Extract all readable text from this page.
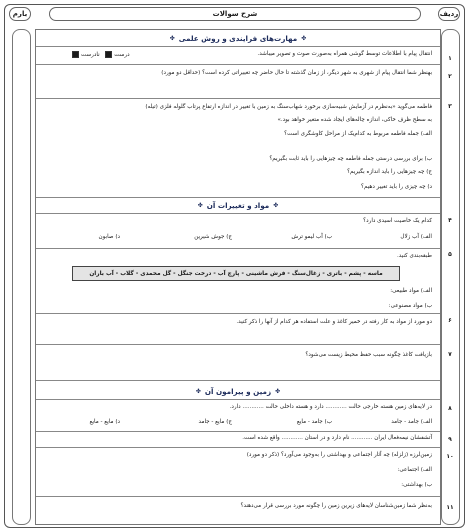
ردیف
شرح سوالات
بارم
۱
۲
۳
۴
۵
۶
۷
۸
۹
۱۰
۱۱
✤ مهارت‌های فرایندی و روش علمی ✤
انتقال پیام با اطلاعات توسط گوشی همراه به‌صورت صوت و تصویر میباشد.
درست  نادرست
بهنظر شما انتقال پیام از شهری به شهر دیگر، از زمان گذشته تا حال حاضر چه تغییراتی کرده است؟ (حداقل دو مورد)
فاطمه می‌گوید «به‌نظرم در آزمایش شبیه‌سازی برخورد شهاب‌سنگ به زمین با تغییر در اندازه ارتفاع پرتاب گلوله فلزی (تیله)
به سطح ظرف خاکی، اندازه چاله‌های ایجاد شده متغیر خواهد بود.»
الف) جمله فاطمه مربوط به کدام‌یک از مراحل کاوشگری است؟
ب) برای بررسی درستی جمله فاطمه چه چیزهایی را باید ثابت بگیریم؟
ج) چه چیزهایی را باید اندازه بگیریم؟
د) چه چیزی را باید تغییر دهیم؟
✤ مواد و تغییرات آن ✤
کدام یک خاصیت اسیدی دارد؟
الف) آب زلال
ب) آب لیمو ترش
ج) جوش شیرین
د) صابون
طبقه‌بندی کنید.
ماسه - پشم - باتری - زغال‌سنگ - فرش ماشینی - پارچ آب - درخت جنگل - گل محمدی - گلاب - آب باران
الف) مواد طبیعی:
ب) مواد مصنوعی:
دو مورد از مواد به کار رفته در خمیر کاغذ و علت استفاده هر کدام از آنها را ذکر کنید.
بازیافت کاغذ چگونه سبب حفظ محیط زیست می‌شود؟
✤ زمین و پیرامون آن ✤
در لایه‌های زمین هسته خارجی حالت ............ دارد و هسته داخلی حالت ............ دارد.
الف) جامد - جامد
ب) جامد - مایع
ج) مایع - جامد
د) مایع - مایع
آتشفشان نیمه‌فعال ایران ............ نام دارد و در استان ............ واقع شده است.
زمین‌لرزه (زلزله) چه آثار اجتماعی و بهداشتی را به‌وجود می‌آورد؟ (ذکر دو مورد)
الف) اجتماعی:
ب) بهداشتی:
به‌نظر شما زمین‌شناسان لایه‌های زیرین زمین را چگونه مورد بررسی قرار می‌دهند؟
